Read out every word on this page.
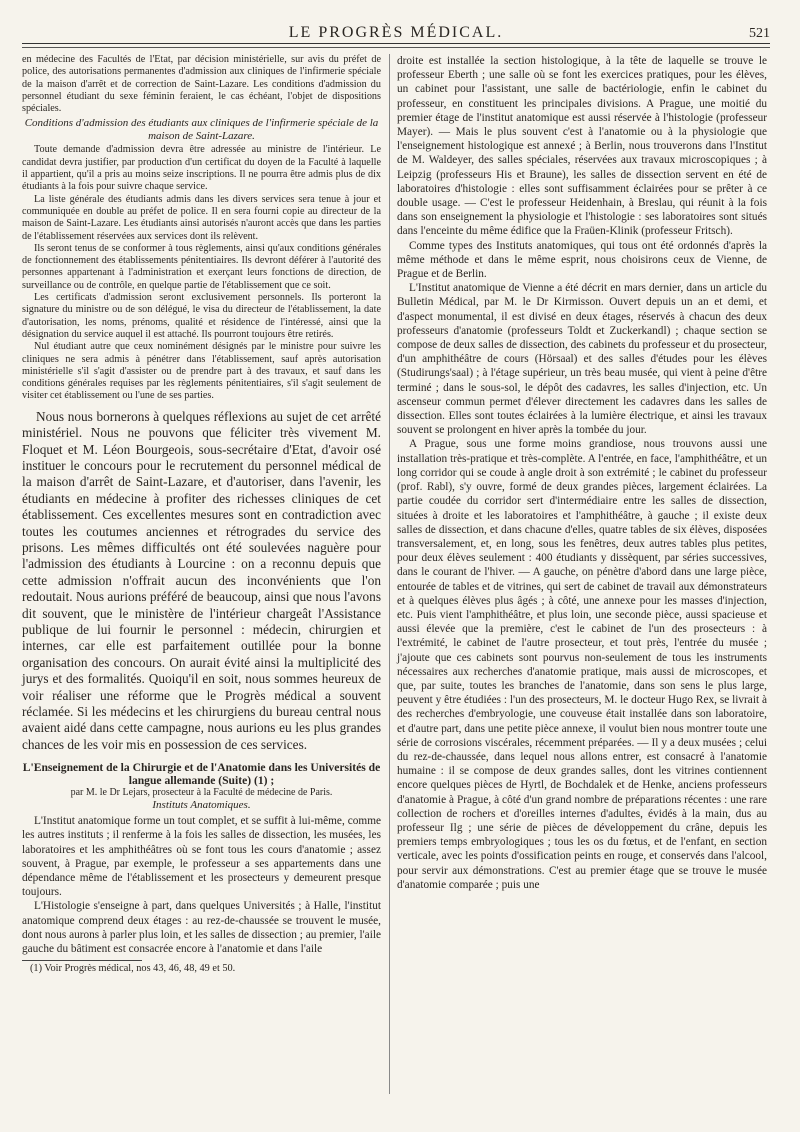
LE PROGRÈS MÉDICAL.	521

en médecine des Facultés de l'Etat, par décision ministérielle, sur avis du préfet de police, des autorisations permanentes d'admission aux cliniques de l'infirmerie spéciale de la maison d'arrêt et de correction de Saint-Lazare. Les conditions d'admission du personnel étudiant du sexe féminin feraient, le cas échéant, l'objet de dispositions spéciales.

Conditions d'admission des étudiants aux cliniques de l'infirmerie spéciale de la maison de Saint-Lazare.

Toute demande d'admission devra être adressée au ministre de l'intérieur. Le candidat devra justifier, par production d'un certificat du doyen de la Faculté à laquelle il appartient, qu'il a pris au moins seize inscriptions. Il ne pourra être admis plus de dix étudiants à la fois pour suivre chaque service.

La liste générale des étudiants admis dans les divers services sera tenue à jour et communiquée en double au préfet de police. Il en sera fourni copie au directeur de la maison de Saint-Lazare. Les étudiants ainsi autorisés n'auront accès que dans les parties de l'établissement réservées aux services dont ils relèvent.

Ils seront tenus de se conformer à tous règlements, ainsi qu'aux conditions générales de fonctionnement des établissements pénitentiaires. Ils devront déférer à l'autorité des personnes appartenant à l'administration et exerçant leurs fonctions de direction, de surveillance ou de contrôle, en quelque partie de l'établissement que ce soit.

Les certificats d'admission seront exclusivement personnels. Ils porteront la signature du ministre ou de son délégué, le visa du directeur de l'établissement, la date d'autorisation, les noms, prénoms, qualité et résidence de l'intéressé, ainsi que la désignation du service auquel il est attaché. Ils pourront toujours être retirés.

Nul étudiant autre que ceux nominément désignés par le ministre pour suivre les cliniques ne sera admis à pénétrer dans l'établissement, sauf après autorisation ministérielle s'il s'agit d'assister ou de prendre part à des travaux, et sauf dans les conditions générales requises par les règlements pénitentiaires, s'il s'agit seulement de visiter cet établissement ou l'une de ses parties.

Nous nous bornerons à quelques réflexions au sujet de cet arrêté ministériel. Nous ne pouvons que féliciter très vivement M. Floquet et M. Léon Bourgeois, sous-secrétaire d'Etat, d'avoir osé instituer le concours pour le recrutement du personnel médical de la maison d'arrêt de Saint-Lazare, et d'autoriser, dans l'avenir, les étudiants en médecine à profiter des richesses cliniques de cet établissement. Ces excellentes mesures sont en contradiction avec toutes les coutumes anciennes et rétrogrades du service des prisons. Les mêmes difficultés ont été soulevées naguère pour l'admission des étudiants à Lourcine : on a reconnu depuis que cette admission n'offrait aucun des inconvénients que l'on redoutait. Nous aurions préféré de beaucoup, ainsi que nous l'avons dit souvent, que le ministère de l'intérieur chargeât l'Assistance publique de lui fournir le personnel : médecin, chirurgien et internes, car elle est parfaitement outillée pour la bonne organisation des concours. On aurait évité ainsi la multiplicité des jurys et des formalités. Quoiqu'il en soit, nous sommes heureux de voir réaliser une réforme que le Progrès médical a souvent réclamée. Si les médecins et les chirurgiens du bureau central nous avaient aidé dans cette campagne, nous aurions eu les plus grandes chances de les voir mis en possession de ces services.

L'Enseignement de la Chirurgie et de l'Anatomie dans les Universités de langue allemande (Suite) (1) ;
par M. le Dr Lejars, prosecteur à la Faculté de médecine de Paris.
Instituts Anatomiques.

L'Institut anatomique forme un tout complet, et se suffit à lui-même, comme les autres instituts ; il renferme à la fois les salles de dissection, les musées, les laboratoires et les amphithéâtres où se font tous les cours d'anatomie ; assez souvent, à Prague, par exemple, le professeur a ses appartements dans une dépendance même de l'établissement et les prosecteurs y demeurent presque toujours.

L'Histologie s'enseigne à part, dans quelques Universités ; à Halle, l'institut anatomique comprend deux étages : au rez-de-chaussée se trouvent le musée, dont nous aurons à parler plus loin, et les salles de dissection ; au premier, l'aile gauche du bâtiment est consacrée encore à l'anatomie et dans l'aile

(1) Voir Progrès médical, nos 43, 46, 48, 49 et 50.

droite est installée la section histologique, à la tête de laquelle se trouve le professeur Eberth ; une salle où se font les exercices pratiques, pour les élèves, un cabinet pour l'assistant, une salle de bactériologie, enfin le cabinet du professeur, en constituent les principales divisions. A Prague, une moitié du premier étage de l'institut anatomique est aussi réservée à l'histologie (professeur Mayer). — Mais le plus souvent c'est à l'anatomie ou à la physiologie que l'enseignement histologique est annexé ; à Berlin, nous trouverons dans l'Institut de M. Waldeyer, des salles spéciales, réservées aux travaux microscopiques ; à Leipzig (professeurs His et Braune), les salles de dissection servent en été de laboratoires d'histologie : elles sont suffisamment éclairées pour se prêter à ce double usage. — C'est le professeur Heidenhain, à Breslau, qui réunit à la fois dans son enseignement la physiologie et l'histologie : ses laboratoires sont situés dans l'enceinte du même édifice que la Fraüen-Klinik (professeur Fritsch).

Comme types des Instituts anatomiques, qui tous ont été ordonnés d'après la même méthode et dans le même esprit, nous choisirons ceux de Vienne, de Prague et de Berlin.

L'Institut anatomique de Vienne a été décrit en mars dernier, dans un article du Bulletin Médical, par M. le Dr Kirmisson. Ouvert depuis un an et demi, et d'aspect monumental, il est divisé en deux étages, réservés à chacun des deux professeurs d'anatomie (professeurs Toldt et Zuckerkandl) ; chaque section se compose de deux salles de dissection, des cabinets du professeur et du prosecteur, d'un amphithéâtre de cours (Hörsaal) et des salles d'études pour les élèves (Studirungs'saal) ; à l'étage supérieur, un très beau musée, qui vient à peine d'être terminé ; dans le sous-sol, le dépôt des cadavres, les salles d'injection, etc. Un ascenseur commun permet d'élever directement les cadavres dans les salles de dissection. Elles sont toutes éclairées à la lumière électrique, et ainsi les travaux souvent se prolongent en hiver après la tombée du jour.

A Prague, sous une forme moins grandiose, nous trouvons aussi une installation très-pratique et très-complète. A l'entrée, en face, l'amphithéâtre, et un long corridor qui se coude à angle droit à son extrémité ; le cabinet du professeur (prof. Rabl), s'y ouvre, formé de deux grandes pièces, largement éclairées. La partie coudée du corridor sert d'intermédiaire entre les salles de dissection, situées à droite et les laboratoires et l'amphithéâtre, à gauche ; il existe deux salles de dissection, et dans chacune d'elles, quatre tables de six élèves, disposées transversalement, et, en long, sous les fenêtres, deux autres tables plus petites, pour deux élèves seulement : 400 étudiants y dissèquent, par séries successives, dans le courant de l'hiver. — A gauche, on pénètre d'abord dans une large pièce, entourée de tables et de vitrines, qui sert de cabinet de travail aux démonstrateurs et à quelques élèves plus âgés ; à côté, une annexe pour les masses d'injection, etc. Puis vient l'amphithéâtre, et plus loin, une seconde pièce, aussi spacieuse et aussi élevée que la première, c'est le cabinet de l'un des prosecteurs : à l'extrémité, le cabinet de l'autre prosecteur, et tout près, l'entrée du musée ; j'ajoute que ces cabinets sont pourvus non-seulement de tous les instruments nécessaires aux recherches d'anatomie pratique, mais aussi de microscopes, et que, par suite, toutes les branches de l'anatomie, dans son sens le plus large, peuvent y être étudiées : l'un des prosecteurs, M. le docteur Hugo Rex, se livrait à des recherches d'embryologie, une couveuse était installée dans son laboratoire, et d'autre part, dans une petite pièce annexe, il voulut bien nous montrer toute une série de corrosions viscérales, récemment préparées. — Il y a deux musées ; celui du rez-de-chaussée, dans lequel nous allons entrer, est consacré à l'anatomie humaine : il se compose de deux grandes salles, dont les vitrines contiennent encore quelques pièces de Hyrtl, de Bochdalek et de Henke, anciens professeurs d'anatomie à Prague, à côté d'un grand nombre de préparations récentes : une rare collection de rochers et d'oreilles internes d'adultes, évidés à la main, dus au professeur Ilg ; une série de pièces de développement du crâne, depuis les premiers temps embryologiques ; tous les os du fœtus, et de l'enfant, en section verticale, avec les points d'ossification peints en rouge, et conservés dans l'alcool, pour servir aux démonstrations. C'est au premier étage que se trouve le musée d'anatomie comparée ; puis une
